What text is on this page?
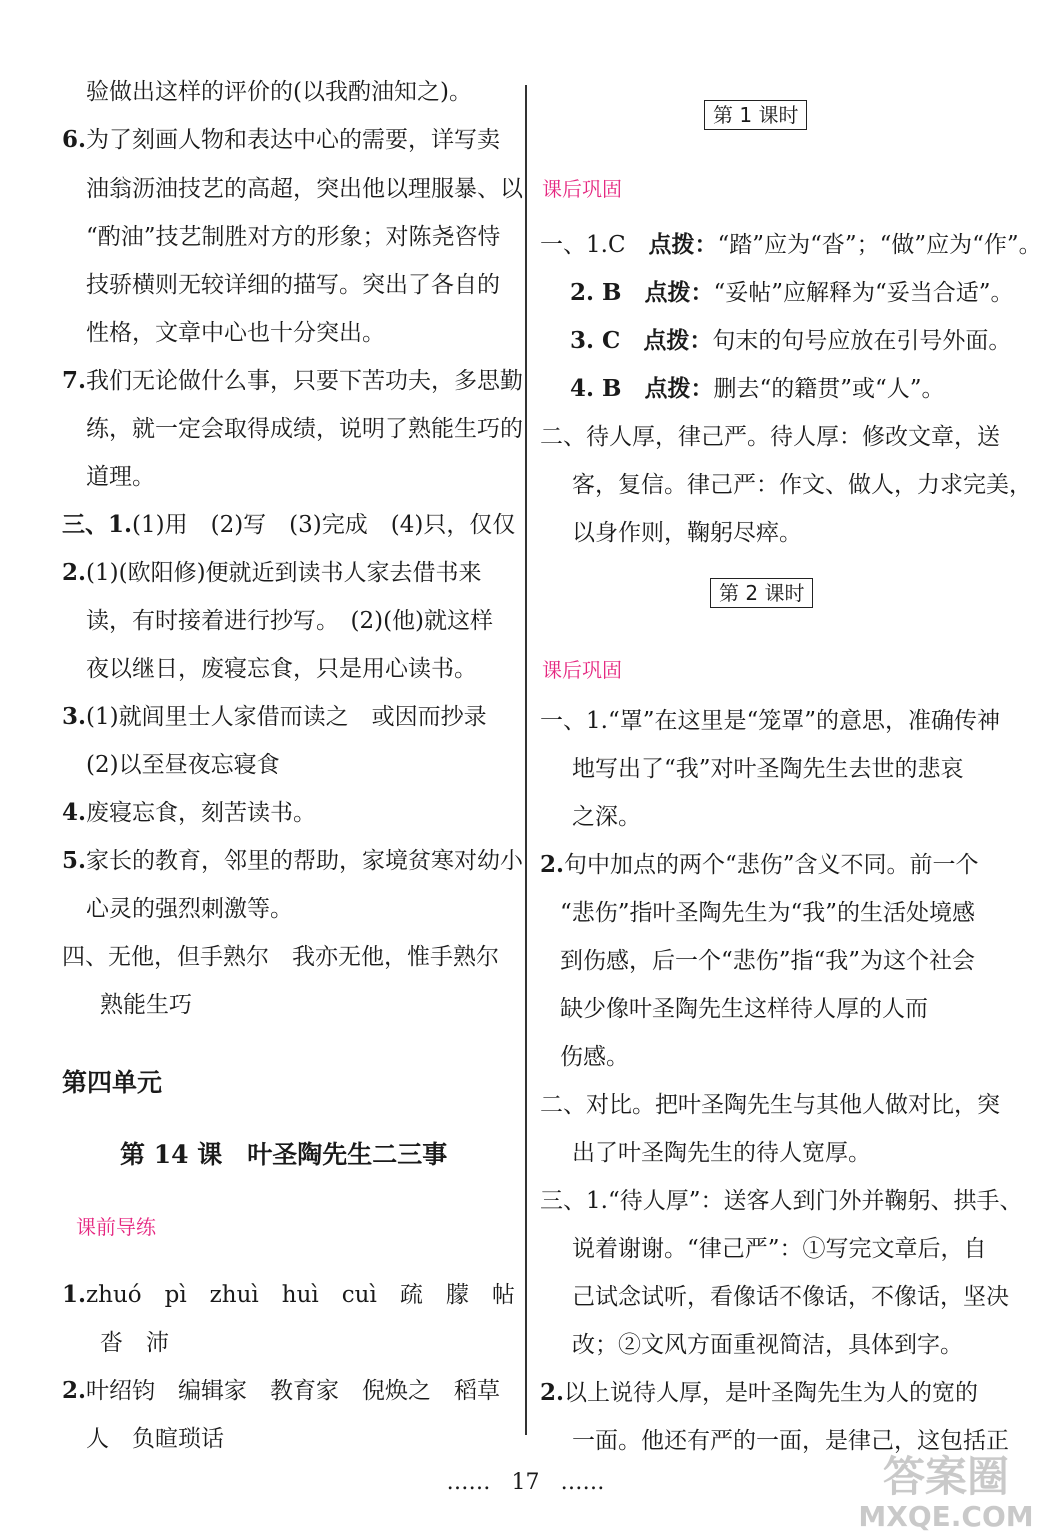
验做出这样的评价的(以我酌油知之)。
6.为了刻画人物和表达中心的需要，详写卖
油翁沥油技艺的高超，突出他以理服暴、以
“酌油”技艺制胜对方的形象；对陈尧咨恃
技骄横则无较详细的描写。突出了各自的
性格，文章中心也十分突出。
7.我们无论做什么事，只要下苦功夫，多思勤
练，就一定会取得成绩，说明了熟能生巧的
道理。
三、1.(1)用　(2)写　(3)完成　(4)只，仅仅
2.(1)(欧阳修)便就近到读书人家去借书来
读，有时接着进行抄写。　(2)(他)就这样
夜以继日，废寝忘食，只是用心读书。
3.(1)就闾里士人家借而读之　或因而抄录
(2)以至昼夜忘寝食
4.废寝忘食，刻苦读书。
5.家长的教育，邻里的帮助，家境贫寒对幼小
心灵的强烈刺激等。
四、无他，但手熟尔　我亦无他，惟手熟尔
熟能生巧
1.zhuó　pì　zhuì　huì　cuì　疏　朦　帖
沓　沛
2.叶绍钧　编辑家　教育家　倪焕之　稻草
人　负暄琐话
一、1.C　点拨：“踏”应为“沓”；“做”应为“作”。
2. B　点拨：“妥帖”应解释为“妥当合适”。
3. C　点拨：句末的句号应放在引号外面。
4. B　点拨：删去“的籍贯”或“人”。
二、待人厚，律己严。待人厚：修改文章，送
客，复信。律己严：作文、做人，力求完美，
以身作则，鞠躬尽瘁。
一、1.“罩”在这里是“笼罩”的意思，准确传神
地写出了“我”对叶圣陶先生去世的悲哀
之深。
2.句中加点的两个“悲伤”含义不同。前一个
“悲伤”指叶圣陶先生为“我”的生活处境感
到伤感，后一个“悲伤”指“我”为这个社会
缺少像叶圣陶先生这样待人厚的人而
伤感。
二、对比。把叶圣陶先生与其他人做对比，突
出了叶圣陶先生的待人宽厚。
三、1.“待人厚”：送客人到门外并鞠躬、拱手、
说着谢谢。“律己严”：①写完文章后，自
己试念试听，看像话不像话，不像话，坚决
改；②文风方面重视简洁，具体到字。
2.以上说待人厚，是叶圣陶先生为人的宽的
一面。他还有严的一面，是律己，这包括正
第四单元
第 14 课　叶圣陶先生二三事
课前导练
第 1 课时
课后巩固
第 2 课时
课后巩固
…… 17 ……	答案圈
MXQE.COM
